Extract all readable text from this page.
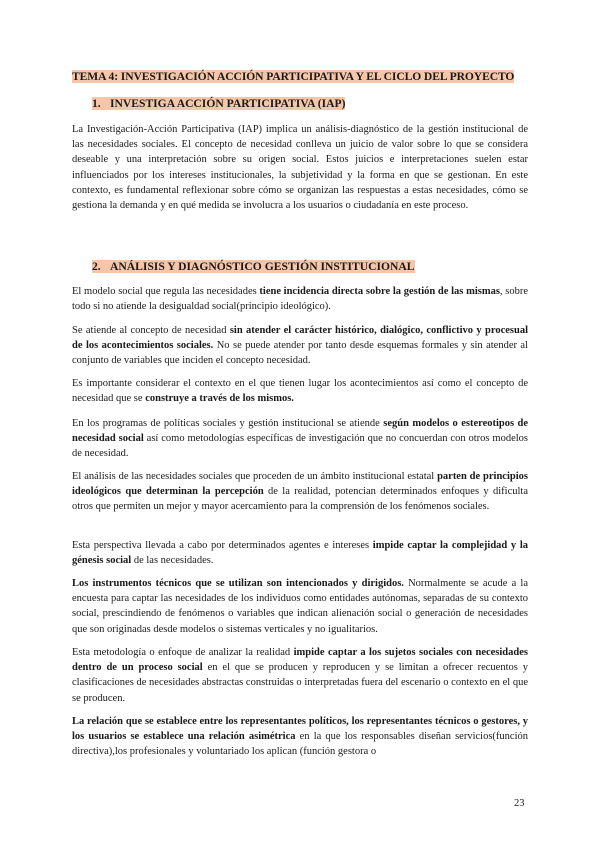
TEMA 4: INVESTIGACIÓN ACCIÓN PARTICIPATIVA Y EL CICLO DEL PROYECTO
1. INVESTIGA ACCIÓN PARTICIPATIVA (IAP)

La Investigación-Acción Participativa (IAP) implica un análisis-diagnóstico de la gestión institucional de las necesidades sociales. El concepto de necesidad conlleva un juicio de valor sobre lo que se considera deseable y una interpretación sobre su origen social. Estos juicios e interpretaciones suelen estar influenciados por los intereses institucionales, la subjetividad y la forma en que se gestionan. En este contexto, es fundamental reflexionar sobre cómo se organizan las respuestas a estas necesidades, cómo se gestiona la demanda y en qué medida se involucra a los usuarios o ciudadanía en este proceso.

2. ANÁLISIS Y DIAGNÓSTICO GESTIÓN INSTITUCIONAL

El modelo social que regula las necesidades tiene incidencia directa sobre la gestión de las mismas, sobre todo si no atiende la desigualdad social(principio ideológico).

Se atiende al concepto de necesidad sin atender el carácter histórico, dialógico, conflictivo y procesual de los acontecimientos sociales. No se puede atender por tanto desde esquemas formales y sin atender al conjunto de variables que inciden el concepto necesidad.

Es importante considerar el contexto en el que tienen lugar los acontecimientos así como el concepto de necesidad que se construye a través de los mismos.

En los programas de políticas sociales y gestión institucional se atiende según modelos o estereotipos de necesidad social así como metodologías específicas de investigación que no concuerdan con otros modelos de necesidad.

El análisis de las necesidades sociales que proceden de un ámbito institucional estatal parten de principios ideológicos que determinan la percepción de la realidad, potencian determinados enfoques y dificulta otros que permiten un mejor y mayor acercamiento para la comprensión de los fenómenos sociales.

Esta perspectiva llevada a cabo por determinados agentes e intereses impide captar la complejidad y la génesis social de las necesidades.

Los instrumentos técnicos que se utilizan son intencionados y dirigidos. Normalmente se acude a la encuesta para captar las necesidades de los individuos como entidades autónomas, separadas de su contexto social, prescindiendo de fenómenos o variables que indican alienación social o generación de necesidades que son originadas desde modelos o sistemas verticales y no igualitarios.

Esta metodología o enfoque de analizar la realidad impide captar a los sujetos sociales con necesidades dentro de un proceso social en el que se producen y reproducen y se limitan a ofrecer recuentos y clasificaciones de necesidades abstractas construidas o interpretadas fuera del escenario o contexto en el que se producen.

La relación que se establece entre los representantes políticos, los representantes técnicos o gestores, y los usuarios se establece una relación asimétrica en la que los responsables diseñan servicios(función directiva),los profesionales y voluntariado los aplican (función gestora o

23
